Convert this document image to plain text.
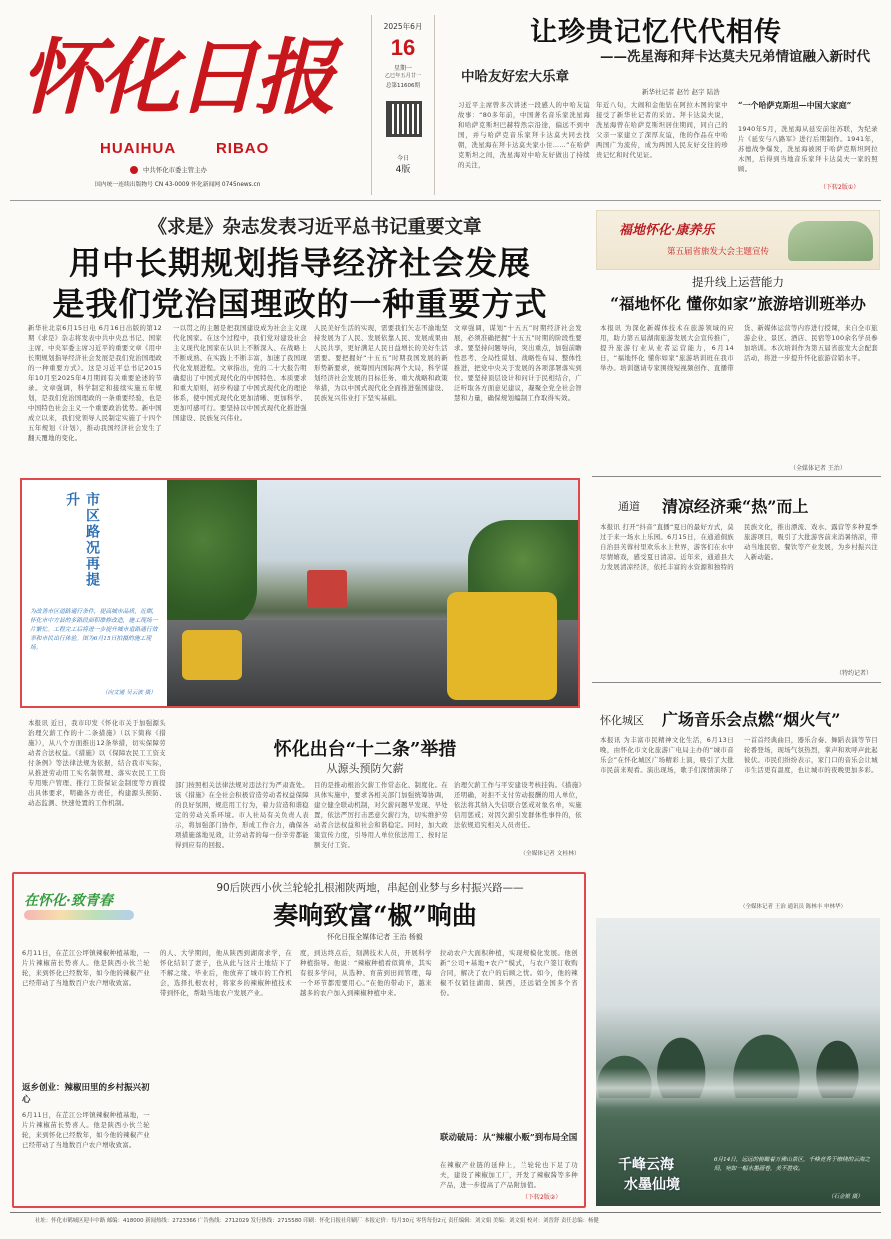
怀化日报
HUAIHUA	RIBAO
中共怀化市委主管主办
国内统一连续出版物号 CN 43-0009 怀化新闻网 0745news.cn
2025年6月
16
星期一
乙巳年五月廿一
总第11606期
今日
4版
让珍贵记忆代代相传
——冼星海和拜卡达莫夫兄弟情谊融入新时代
中哈友好宏大乐章
新华社记者 赵竹 赵宇 陆浩
习近平主席曾多次讲述一段感人的中哈友谊故事：“80多年前，中国著名音乐家冼星海和哈萨克斯坦巴赫特然宗沿途，偏远不到中国，并与哈萨克音乐家拜卡达莫夫同去找朝，冼星海在拜卡达莫夫家小住……”在哈萨克斯坦之间，冼星海对中哈友好做出了持续的关注，
年近八旬，大闹和金他钻在阿拉木图的家中接受了新华社记者的采访。拜卡达莫夫说，冼星海曾在哈萨克斯坦居住期间，同自己的父亲一家建立了深厚友谊，他的作品在中哈两国广为流传，成为两国人民友好交往的珍贵记忆和时代见证。
“一个哈萨克斯坦—中国大家庭”
1940年5月，冼星海从延安前往苏联，为纪录片《延安与八路军》进行后期制作。1941年，苏德战争爆发，冼星海被困于哈萨克斯坦阿拉木图，后得到当地音乐家拜卡达莫夫一家的照顾。
（下转2版①）
《求是》杂志发表习近平总书记重要文章
用中长期规划指导经济社会发展
是我们党治国理政的一种重要方式
新华社北京6月15日电 6月16日出版的第12期《求是》杂志将发表中共中央总书记、国家主席、中央军委主席习近平的重要文章《用中长期规划指导经济社会发展是我们党治国理政的一种重要方式》。这是习近平总书记2015年10月至2025年4月期间有关重要论述的节录。文章强调，科学制定和接续实施五年规划，是我们党治国理政的一条重要经验，也是中国特色社会主义一个重要政治优势。新中国成立以来，我们党领导人民制定实施了十四个五年规划（计划），推动我国经济社会发生了翻天覆地的变化。
一以贯之的主题是把我国建设成为社会主义现代化国家。在这个过程中，我们党对建设社会主义现代化国家在认识上不断深入、在战略上不断成熟、在实践上不断丰富，加速了我国现代化发展进程。文章指出，党的二十大报告明确提出了中国式现代化的中国特色、本质要求和重大原则，初步构建了中国式现代化的理论体系，使中国式现代化更加清晰、更加科学、更加可感可行。要坚持以中国式现代化推进强国建设、民族复兴伟业。
人民美好生活的实现，需要我们矢志不渝地坚持发展为了人民、发展依靠人民、发展成果由人民共享，更好满足人民日益增长的美好生活需要。要把握好“十五五”时期我国发展的新形势新要求，统筹国内国际两个大局，科学谋划经济社会发展的目标任务、重大战略和政策举措，为以中国式现代化全面推进强国建设、民族复兴伟业打下坚实基础。
文章强调，谋划“十五五”时期经济社会发展，必须准确把握“十五五”时期的阶段性要求。要坚持问题导向，突出重点，加强前瞻性思考、全局性谋划、战略性布局、整体性推进，把党中央关于发展的各项部署落实到位。要坚持顶层设计和问计于民相结合，广泛听取各方面意见建议，凝聚全党全社会智慧和力量，确保规划编制工作取得实效。
福地怀化·康养乐
第五届省旅发大会主题宣传
提升线上运营能力
“福地怀化 懂你如家”旅游培训班举办
本报讯 为深化新媒体技术在旅游领域的应用，助力第五届湖南旅游发展大会宣传推广，提升旅游行业从业者运营能力，6月14日，“福地怀化 懂你如家”旅游培训班在我市举办。培训邀请专家围绕短视频创作、直播带货、新媒体运营等内容进行授课，来自全市旅游企业、景区、酒店、民宿等100余名学员参加培训。本次培训作为第五届省旅发大会配套活动，将进一步提升怀化旅游营销水平。
（全媒体记者 王治）
市区路况再提升
为改善市区道路通行条件，提高城市品质，近期，怀化市中方县的多路段面积维修改造，施工现场一片繁忙。工程完工后将进一步提升城市道路通行效率和市民出行体验。图为6月15日拍摄的施工现场。
（向文通 吴云波 摄）
通道	清凉经济乘“热”而上
本报讯 打开“抖音”直播“夏日的最好方式，莫过于来一场水上乐园。6月15日，在通道侗族自治县芙蓉村里欢乐水上世界，游客们在水中尽情嬉戏，感受夏日清凉。近年来，通道县大力发展清凉经济，依托丰富的水资源和独特的民族文化，推出漂流、戏水、露营等多种夏季旅游项目，吸引了大批游客前来消暑纳凉，带动当地民宿、餐饮等产业发展，为乡村振兴注入新动能。
（特约记者）
怀化城区	广场音乐会点燃“烟火气”
本报讯 为丰富市民精神文化生活，6月13日晚，由怀化市文化旅游广电局主办的“城市音乐会”在怀化城区广场精彩上演，吸引了大批市民前来观看。演出现场，歌手们深情演绎了一首首经典曲目，器乐合奏、舞蹈表演等节目轮番登场，现场气氛热烈，掌声和欢呼声此起彼伏。市民们纷纷表示，家门口的音乐会让城市生活更有温度，也让城市的夜晚更加多彩。
（全媒体记者 王治 通讯员 陈林丰 申林华）
怀化出台“十二条”举措
从源头预防欠薪
本报讯 近日，我市印发《怀化市关于加强源头治理欠薪工作的十二条措施》（以下简称《措施》），从八个方面推出12条举措，切实保障劳动者合法权益。《措施》以《保障农民工工资支付条例》等法律法规为依据，结合我市实际，从推进劳动用工实名制管理、落实农民工工资专用账户管理、推行工资保证金制度等方面提出具体要求，明确各方责任，构建源头预防、动态监测、快速处置的工作机制。
部门按照相关法律法规对违法行为严肃查处。该《措施》在全社会积极营造劳动者权益保障的良好氛围，规范用工行为，着力营造和谐稳定的劳动关系环境。市人社局有关负责人表示，将加强部门协作，形成工作合力，确保各项措施落地见效，让劳动者的每一份辛劳都能得到应有的回报。
目的是推动根治欠薪工作常态化、制度化。在具体实施中，要求各相关部门加强统筹协调，建立健全联动机制，对欠薪问题早发现、早处置，依法严厉打击恶意欠薪行为，切实维护劳动者合法权益和社会和谐稳定。同时，加大政策宣传力度，引导用人单位依法用工、按时足额支付工资。
治理欠薪工作与平安建设考核挂钩。《措施》还明确，对拒不支付劳动报酬的用人单位，依法将其纳入失信联合惩戒对象名单，实施信用惩戒；对因欠薪引发群体性事件的，依法依规追究相关人员责任。
（全媒体记者 文桂林）
在怀化·致青春
90后陕西小伙兰轮轮扎根湘陕两地，串起创业梦与乡村振兴路——
奏响致富“椒”响曲
怀化日报全媒体记者 王治 杨毅
6月11日，在芷江公坪镇辣椒种植基地，一片片辣椒苗长势喜人。他是陕西小伙兰轮轮，来到怀化已经数年，如今他的辣椒产业已经带动了当地数百户农户增收致富。
返乡创业：辣椒田里的乡村振兴初心
6月11日，在芷江公坪镇辣椒种植基地，一片片辣椒苗长势喜人。他是陕西小伙兰轮轮，来到怀化已经数年，如今他的辣椒产业已经带动了当地数百户农户增收致富。
的人、大学期间，他从陕西到湖南求学，在怀化结识了妻子，也从此与这片土地结下了不解之缘。毕业后，他放弃了城市的工作机会，选择扎根农村，将家乡的辣椒种植技术带到怀化，帮助当地农户发展产业。
度，到达终点后，刻满技术人员，开展科学种植指导。他说：“辣椒种植看似简单，其实有很多学问，从选种、育苗到田间管理，每一个环节都需要用心。”在他的带动下，越来越多的农户加入到辣椒种植中来。
拉动农户大面积种植，实现规模化发展。他创新“公司+基地+农户”模式，与农户签订收购合同，解决了农户的后顾之忧。如今，他的辣椒不仅销往湖南、陕西，还远销全国多个省份。
联动破局：从“辣椒小贩”到布局全国
在辣椒产业链的延伸上，兰轮轮也下足了功夫，建设了辣椒加工厂，开发了辣椒酱等多种产品，进一步提高了产品附加值。
（下转2版②）
千峰云海
水墨仙境
6月14日，远远的俯瞰着万佛山景区，千峰竞秀于缭绕的云海之间，宛如一幅水墨画卷，美不胜收。
（石金银 摄）
社址：怀化市鹤城区迎丰中路 邮编：418000 新闻热线：2723366 广告热线：2712029 发行热线：2715580 印刷：怀化日报社印刷厂 本报定价：每月30元 零售每份2元 责任编辑：刘文娟 美编：刘文娟 校对：刘晋舒 责任总编：杨健
